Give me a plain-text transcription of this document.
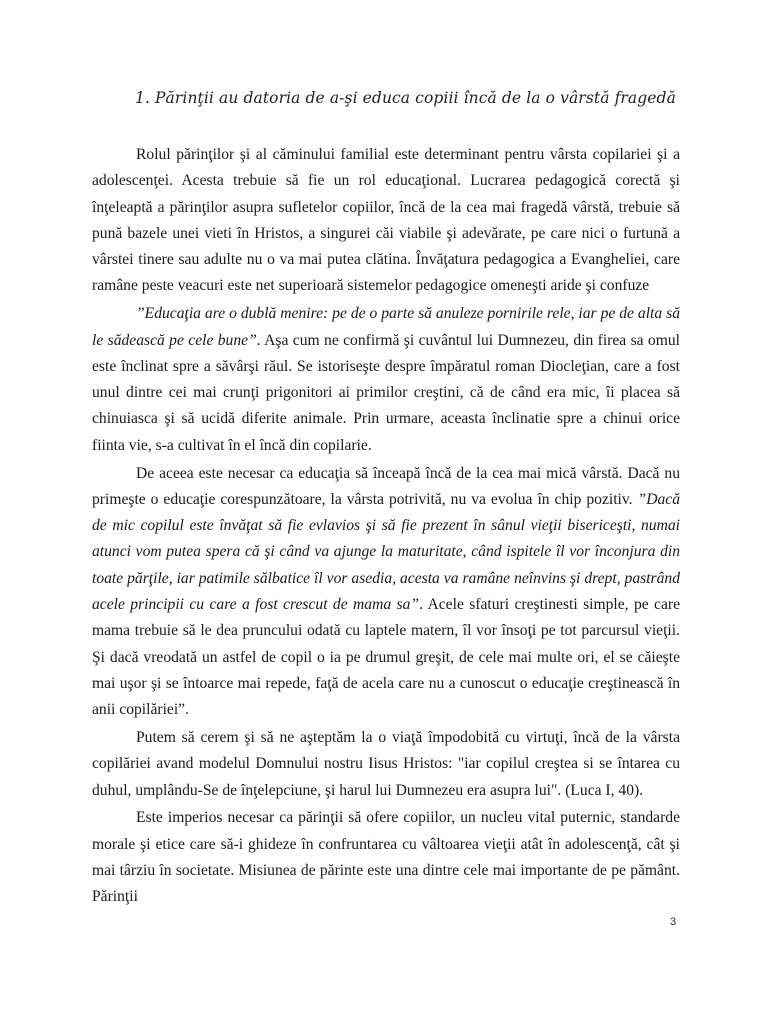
1. Părinţii au datoria de a-şi educa copiii încă de la o vârstă fragedă

Rolul părinţilor şi al căminului familial este determinant pentru vârsta copilariei şi a adolescenţei. Acesta trebuie să fie un rol educaţional. Lucrarea pedagogică corectă şi înţeleaptă a părinţilor asupra sufletelor copiilor, încă de la cea mai fragedă vârstă, trebuie să pună bazele unei vieti în Hristos, a singurei căi viabile şi adevărate, pe care nici o furtună a vârstei tinere sau adulte nu o va mai putea clătina. Învăţatura pedagogica a Evangheliei, care ramâne peste veacuri este net superioară sistemelor pedagogice omeneşti aride şi confuze

”Educaţia are o dublă menire: pe de o parte să anuleze pornirile rele, iar pe de alta să le sădească pe cele bune”. Aşa cum ne confirmă şi cuvântul lui Dumnezeu, din firea sa omul este înclinat spre a săvârşi răul. Se istoriseşte despre împăratul roman Diocleţian, care a fost unul dintre cei mai crunţi prigonitori ai primilor creştini, că de când era mic, îi placea să chinuiasca şi să ucidă diferite animale. Prin urmare, aceasta înclinatie spre a chinui orice fiinta vie, s-a cultivat în el încă din copilarie.

De aceea este necesar ca educaţia să înceapă încă de la cea mai mică vârstă. Dacă nu primeşte o educaţie corespunzătoare, la vârsta potrivită, nu va evolua în chip pozitiv. ”Dacă de mic copilul este învăţat să fie evlavios şi să fie prezent în sânul vieţii bisericeşti, numai atunci vom putea spera că şi când va ajunge la maturitate, când ispitele îl vor înconjura din toate părţile, iar patimile sălbatice îl vor asedia, acesta va ramâne neînvins şi drept, pastrând acele principii cu care a fost crescut de mama sa”. Acele sfaturi creştinesti simple, pe care mama trebuie să le dea pruncului odată cu laptele matern, îl vor însoţi pe tot parcursul vieţii. Şi dacă vreodată un astfel de copil o ia pe drumul greşit, de cele mai multe ori, el se căieşte mai uşor şi se întoarce mai repede, faţă de acela care nu a cunoscut o educaţie creştinească în anii copilăriei”.

Putem să cerem şi să ne aşteptăm la o viaţă împodobită cu virtuţi, încă de la vârsta copilăriei avand modelul Domnului nostru Iisus Hristos: "iar copilul creştea si se întarea cu duhul, umplându-Se de înţelepciune, şi harul lui Dumnezeu era asupra lui". (Luca I, 40).

Este imperios necesar ca părinţii să ofere copiilor, un nucleu vital puternic, standarde morale şi etice care să-i ghideze în confruntarea cu vâltoarea vieţii atât în adolescenţă, cât şi mai târziu în societate. Misiunea de părinte este una dintre cele mai importante de pe pământ. Părinţii

3
